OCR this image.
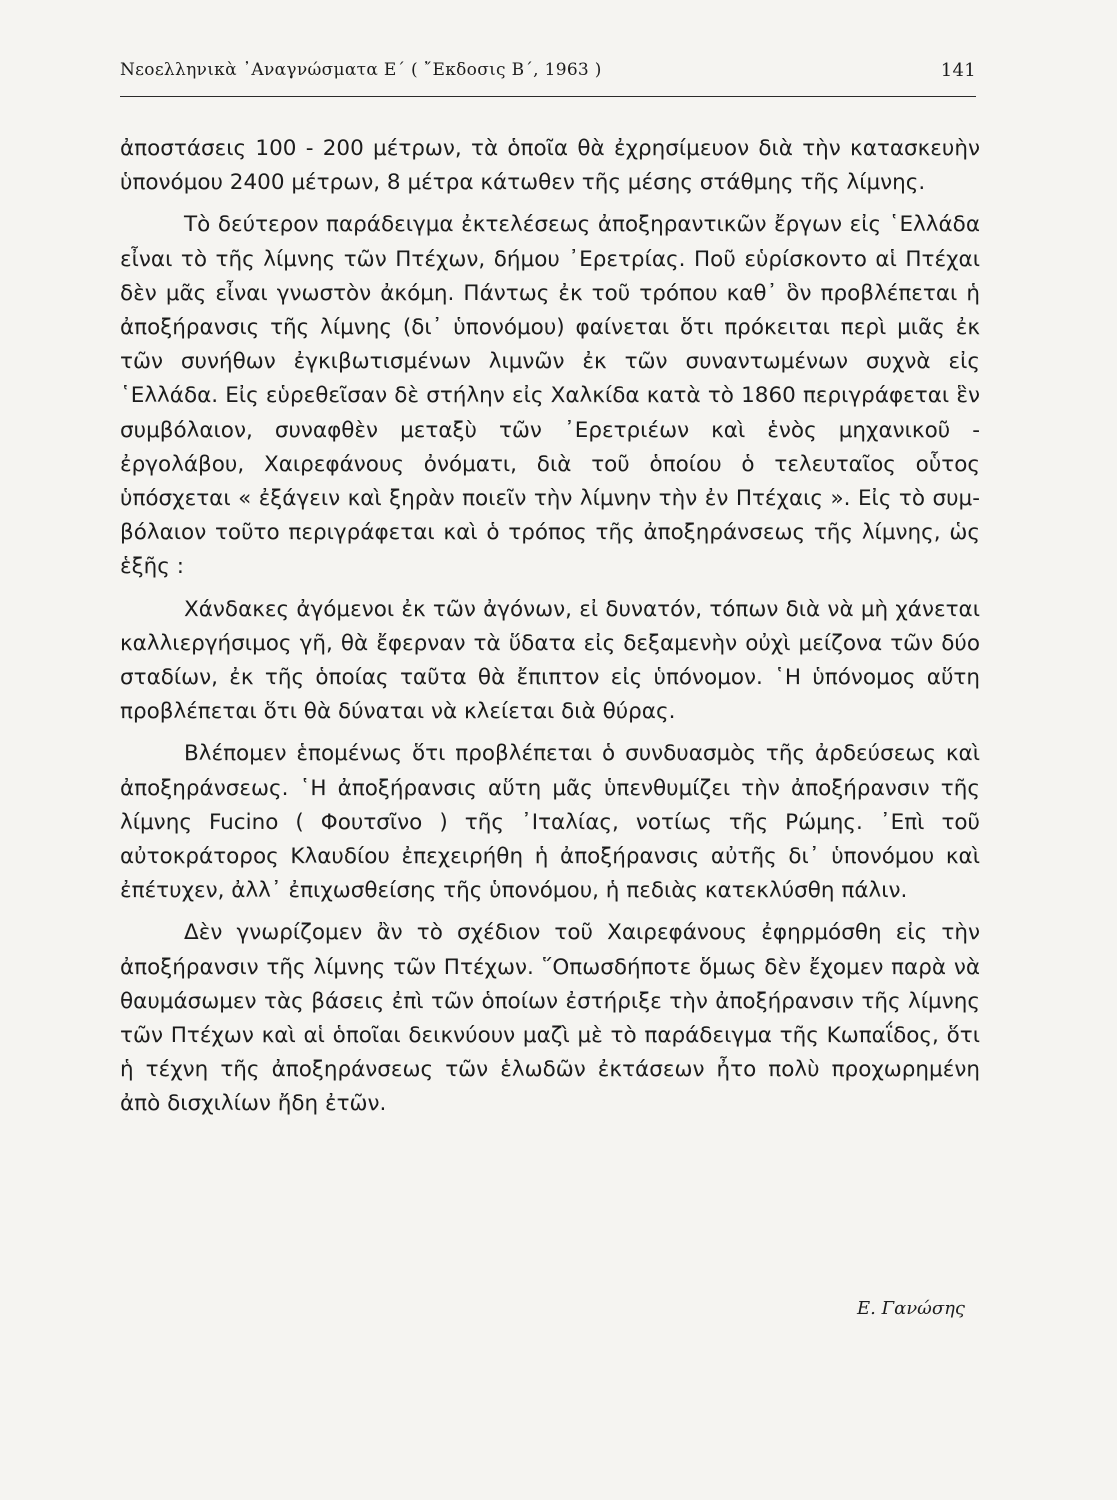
Νεοελληνικὰ ᾿Αναγνώσματα Ε΄ ( ῎Εκδοσις Β΄, 1963 )	141

ἀποστάσεις 100 - 200 μέτρων, τὰ ὁποῖα θὰ ἐχρησίμευον διὰ τὴν κατασκευὴν ὑπονόμου 2400 μέτρων, 8 μέτρα κάτωθεν τῆς μέσης στάθμης τῆς λίμνης.

Τὸ δεύτερον παράδειγμα ἐκτελέσεως ἀποξηραντικῶν ἔργων εἰς ῾Ελλάδα εἶναι τὸ τῆς λίμνης τῶν Πτέχων, δήμου ᾿Ερετρίας. Ποῦ εὑρίσκοντο αἱ Πτέχαι δὲν μᾶς εἶναι γνωστὸν ἀκόμη. Πάντως ἐκ τοῦ τρόπου καθ᾿ ὃν προβλέπεται ἡ ἀποξήρανσις τῆς λίμνης (δι᾿ ὑπονόμου) φαίνεται ὅτι πρόκειται περὶ μιᾶς ἐκ τῶν συνήθων ἐγκιβωτισμένων λιμνῶν ἐκ τῶν συναντωμένων συχνὰ εἰς ῾Ελλάδα. Εἰς εὑρεθεῖσαν δὲ στήλην εἰς Χαλκίδα κατὰ τὸ 1860 περιγράφεται ἓν συμβόλαιον, συναφθὲν μεταξὺ τῶν ᾿Ερετριέων καὶ ἑνὸς μηχανικοῦ - ἐργολάβου, Χαιρεφάνους ὀνόματι, διὰ τοῦ ὁποίου ὁ τελευταῖος οὗτος ὑπόσχεται « ἐξάγειν καὶ ξηρὰν ποιεῖν τὴν λίμνην τὴν ἐν Πτέχαις ». Εἰς τὸ συμβόλαιον τοῦτο περιγράφεται καὶ ὁ τρόπος τῆς ἀποξηράνσεως τῆς λίμνης, ὡς ἑξῆς :

Χάνδακες ἀγόμενοι ἐκ τῶν ἀγόνων, εἰ δυνατόν, τόπων διὰ νὰ μὴ χάνεται καλλιεργήσιμος γῆ, θὰ ἔφερναν τὰ ὕδατα εἰς δεξαμενὴν οὐχὶ μείζονα τῶν δύο σταδίων, ἐκ τῆς ὁποίας ταῦτα θὰ ἔπιπτον εἰς ὑπόνομον. ῾Η ὑπόνομος αὕτη προβλέπεται ὅτι θὰ δύναται νὰ κλείεται διὰ θύρας.

Βλέπομεν ἑπομένως ὅτι προβλέπεται ὁ συνδυασμὸς τῆς ἀρδεύσεως καὶ ἀποξηράνσεως. ῾Η ἀποξήρανσις αὕτη μᾶς ὑπενθυμίζει τὴν ἀποξήρανσιν τῆς λίμνης Fucino ( Φουτσῖνο ) τῆς ᾿Ιταλίας, νοτίως τῆς Ρώμης. ᾿Επὶ τοῦ αὐτοκράτορος Κλαυδίου ἐπεχειρήθη ἡ ἀποξήρανσις αὐτῆς δι᾿ ὑπονόμου καὶ ἐπέτυχεν, ἀλλ᾿ ἐπιχωσθείσης τῆς ὑπονόμου, ἡ πεδιὰς κατεκλύσθη πάλιν.

Δὲν γνωρίζομεν ἂν τὸ σχέδιον τοῦ Χαιρεφάνους ἐφηρμόσθη εἰς τὴν ἀποξήρανσιν τῆς λίμνης τῶν Πτέχων. ῞Οπωσδήποτε ὅμως δὲν ἔχομεν παρὰ νὰ θαυμάσωμεν τὰς βάσεις ἐπὶ τῶν ὁποίων ἐστήριξε τὴν ἀποξήρανσιν τῆς λίμνης τῶν Πτέχων καὶ αἱ ὁποῖαι δεικνύουν μαζὶ μὲ τὸ παράδειγμα τῆς Κωπαΐδος, ὅτι ἡ τέχνη τῆς ἀποξηράνσεως τῶν ἑλωδῶν ἐκτάσεων ἦτο πολὺ προχωρημένη ἀπὸ δισχιλίων ἤδη ἐτῶν.

Ε. Γανώσης
